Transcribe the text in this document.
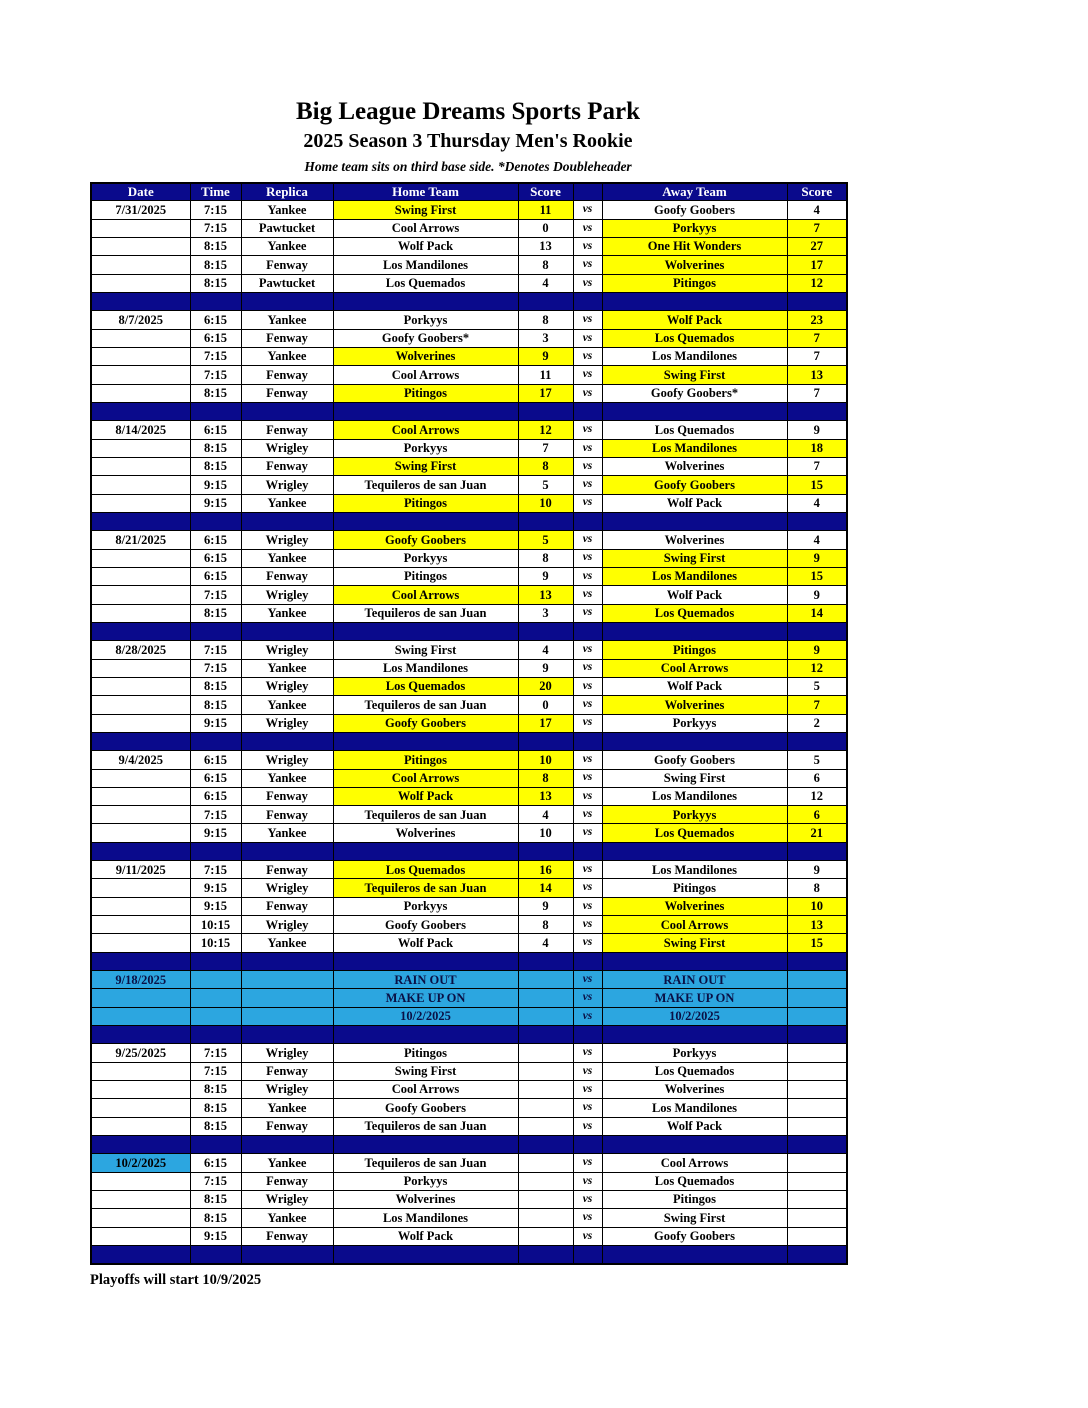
Big League Dreams Sports Park
2025 Season 3 Thursday Men's Rookie
Home team sits on third base side. *Denotes Doubleheader
Date	Time	Replica	Home Team	Score		Away Team	Score
7/31/2025	7:15	Yankee	Swing First	11	vs	Goofy Goobers	4
	7:15	Pawtucket	Cool Arrows	0	vs	Porkyys	7
	8:15	Yankee	Wolf Pack	13	vs	One Hit Wonders	27
	8:15	Fenway	Los Mandilones	8	vs	Wolverines	17
	8:15	Pawtucket	Los Quemados	4	vs	Pitingos	12

8/7/2025	6:15	Yankee	Porkyys	8	vs	Wolf Pack	23
	6:15	Fenway	Goofy Goobers*	3	vs	Los Quemados	7
	7:15	Yankee	Wolverines	9	vs	Los Mandilones	7
	7:15	Fenway	Cool Arrows	11	vs	Swing First	13
	8:15	Fenway	Pitingos	17	vs	Goofy Goobers*	7

8/14/2025	6:15	Fenway	Cool Arrows	12	vs	Los Quemados	9
	8:15	Wrigley	Porkyys	7	vs	Los Mandilones	18
	8:15	Fenway	Swing First	8	vs	Wolverines	7
	9:15	Wrigley	Tequileros de san Juan	5	vs	Goofy Goobers	15
	9:15	Yankee	Pitingos	10	vs	Wolf Pack	4

8/21/2025	6:15	Wrigley	Goofy Goobers	5	vs	Wolverines	4
	6:15	Yankee	Porkyys	8	vs	Swing First	9
	6:15	Fenway	Pitingos	9	vs	Los Mandilones	15
	7:15	Wrigley	Cool Arrows	13	vs	Wolf Pack	9
	8:15	Yankee	Tequileros de san Juan	3	vs	Los Quemados	14

8/28/2025	7:15	Wrigley	Swing First	4	vs	Pitingos	9
	7:15	Yankee	Los Mandilones	9	vs	Cool Arrows	12
	8:15	Wrigley	Los Quemados	20	vs	Wolf Pack	5
	8:15	Yankee	Tequileros de san Juan	0	vs	Wolverines	7
	9:15	Wrigley	Goofy Goobers	17	vs	Porkyys	2

9/4/2025	6:15	Wrigley	Pitingos	10	vs	Goofy Goobers	5
	6:15	Yankee	Cool Arrows	8	vs	Swing First	6
	6:15	Fenway	Wolf Pack	13	vs	Los Mandilones	12
	7:15	Fenway	Tequileros de san Juan	4	vs	Porkyys	6
	9:15	Yankee	Wolverines	10	vs	Los Quemados	21

9/11/2025	7:15	Fenway	Los Quemados	16	vs	Los Mandilones	9
	9:15	Wrigley	Tequileros de san Juan	14	vs	Pitingos	8
	9:15	Fenway	Porkyys	9	vs	Wolverines	10
	10:15	Wrigley	Goofy Goobers	8	vs	Cool Arrows	13
	10:15	Yankee	Wolf Pack	4	vs	Swing First	15

9/18/2025			RAIN OUT		vs	RAIN OUT	
			MAKE UP ON		vs	MAKE UP ON	
			10/2/2025		vs	10/2/2025	

9/25/2025	7:15	Wrigley	Pitingos		vs	Porkyys	
	7:15	Fenway	Swing First		vs	Los Quemados	
	8:15	Wrigley	Cool Arrows		vs	Wolverines	
	8:15	Yankee	Goofy Goobers		vs	Los Mandilones	
	8:15	Fenway	Tequileros de san Juan		vs	Wolf Pack	

10/2/2025	6:15	Yankee	Tequileros de san Juan		vs	Cool Arrows	
	7:15	Fenway	Porkyys		vs	Los Quemados	
	8:15	Wrigley	Wolverines		vs	Pitingos	
	8:15	Yankee	Los Mandilones		vs	Swing First	
	9:15	Fenway	Wolf Pack		vs	Goofy Goobers	

Playoffs will start 10/9/2025
